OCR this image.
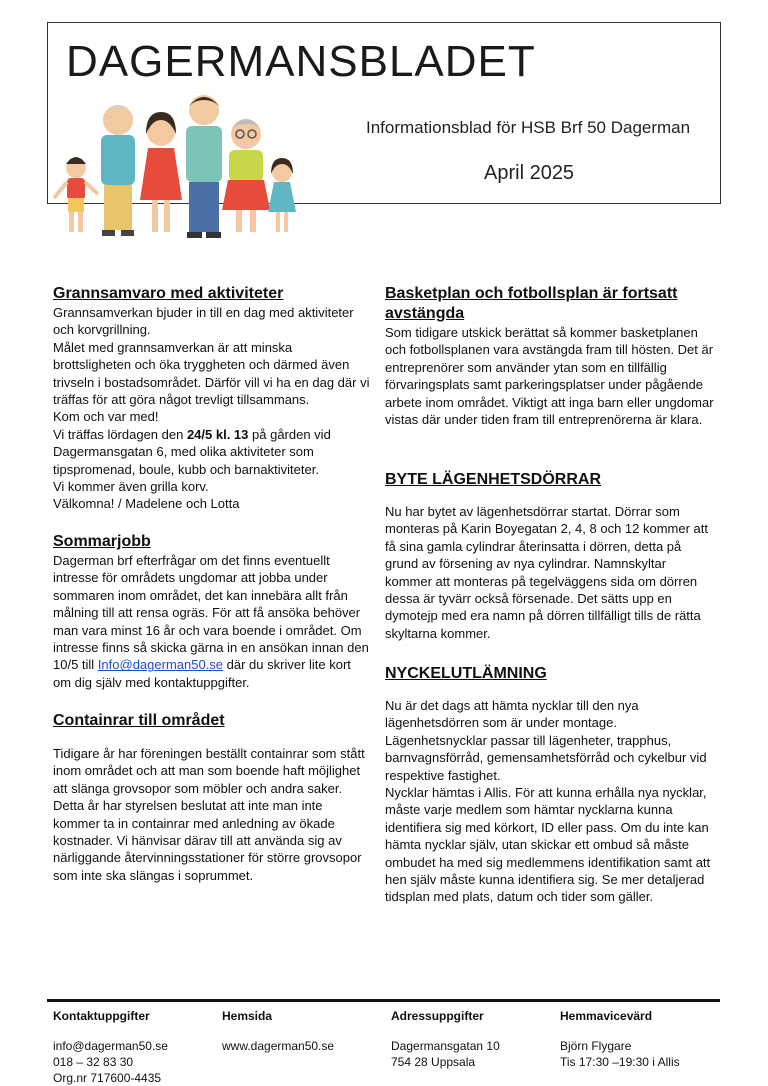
DAGERMANSBLADET
Informationsblad för HSB Brf 50 Dagerman
April 2025
Grannsamvaro med aktiviteter

Grannsamverkan bjuder in till en dag med aktiviteter och korvgrillning.
Målet med grannsamverkan är att minska brottsligheten och öka tryggheten och därmed även trivseln i bostadsområdet. Därför vill vi ha en dag där vi träffas för att göra något trevligt tillsammans.
Kom och var med!
Vi träffas lördagen den 24/5 kl. 13 på gården vid Dagermansgatan 6, med olika aktiviteter som tipspromenad, boule, kubb och barnaktiviteter.
Vi kommer även grilla korv.
Välkomna! / Madelene och Lotta

Sommarjobb

Dagerman brf efterfrågar om det finns eventuellt intresse för områdets ungdomar att jobba under sommaren inom området, det kan innebära allt från målning till att rensa ogräs. För att få ansöka behöver man vara minst 16 år och vara boende i området. Om intresse finns så skicka gärna in en ansökan innan den 10/5 till Info@dagerman50.se där du skriver lite kort om dig själv med kontaktuppgifter.

Containrar till området

Tidigare år har föreningen beställt containrar som stått inom området och att man som boende haft möjlighet att slänga grovsopor som möbler och andra saker. Detta år har styrelsen beslutat att inte man inte kommer ta in containrar med anledning av ökade kostnader. Vi hänvisar därav till att använda sig av närliggande återvinningsstationer för större grovsopor som inte ska slängas i soprummet.

Basketplan och fotbollsplan är fortsatt avstängda

Som tidigare utskick berättat så kommer basketplanen och fotbollsplanen vara avstängda fram till hösten. Det är entreprenörer som använder ytan som en tillfällig förvaringsplats samt parkeringsplatser under pågående arbete inom området. Viktigt att inga barn eller ungdomar vistas där under tiden fram till entreprenörerna är klara.

BYTE LÄGENHETSDÖRRAR

Nu har bytet av lägenhetsdörrar startat. Dörrar som monteras på Karin Boyegatan 2, 4, 8 och 12 kommer att få sina gamla cylindrar återinsatta i dörren, detta på grund av försening av nya cylindrar. Namnskyltar kommer att monteras på tegelväggens sida om dörren dessa är tyvärr också försenade. Det sätts upp en dymotejp med era namn på dörren tillfälligt tills de rätta skyltarna kommer.

NYCKELUTLÄMNING

Nu är det dags att hämta nycklar till den nya lägenhetsdörren som är under montage.
Lägenhetsnycklar passar till lägenheter, trapphus, barnvagnsförråd, gemensamhetsförråd och cykelbur vid respektive fastighet.
Nycklar hämtas i Allis. För att kunna erhålla nya nycklar, måste varje medlem som hämtar nycklarna kunna identifiera sig med körkort, ID eller pass. Om du inte kan hämta nycklar själv, utan skickar ett ombud så måste ombudet ha med sig medlemmens identifikation samt att hen själv måste kunna identifiera sig. Se mer detaljerad tidsplan med plats, datum och tider som gäller.

Kontaktuppgifter
info@dagerman50.se
018 – 32 83 30
Org.nr 717600-4435
Hemsida
www.dagerman50.se
Adressuppgifter
Dagermansgatan 10
754 28 Uppsala
Hemmavicevärd
Björn Flygare
Tis 17:30 –19:30 i Allis
